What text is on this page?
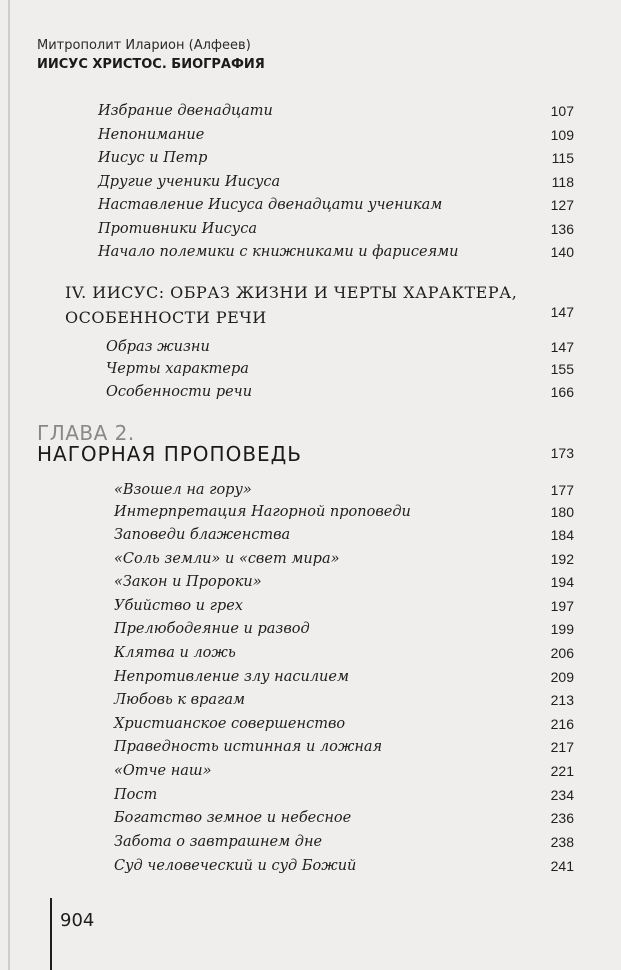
Митрополит Иларион (Алфеев)
ИИСУС ХРИСТОС. БИОГРАФИЯ
Избрание двенадцати	107
Непонимание	109
Иисус и Петр	115
Другие ученики Иисуса	118
Наставление Иисуса двенадцати ученикам	127
Противники Иисуса	136
Начало полемики с книжниками и фарисеями	140
IV. ИИСУС: ОБРАЗ ЖИЗНИ И ЧЕРТЫ ХАРАКТЕРА,
ОСОБЕННОСТИ РЕЧИ	147
Образ жизни	147
Черты характера	155
Особенности речи	166
ГЛАВА 2.
НАГОРНАЯ ПРОПОВЕДЬ	173
«Взошел на гору»	177
Интерпретация Нагорной проповеди	180
Заповеди блаженства	184
«Соль земли» и «свет мира»	192
«Закон и Пророки»	194
Убийство и грех	197
Прелюбодеяние и развод	199
Клятва и ложь	206
Непротивление злу насилием	209
Любовь к врагам	213
Христианское совершенство	216
Праведность истинная и ложная	217
«Отче наш»	221
Пост	234
Богатство земное и небесное	236
Забота о завтрашнем дне	238
Суд человеческий и суд Божий	241
904
